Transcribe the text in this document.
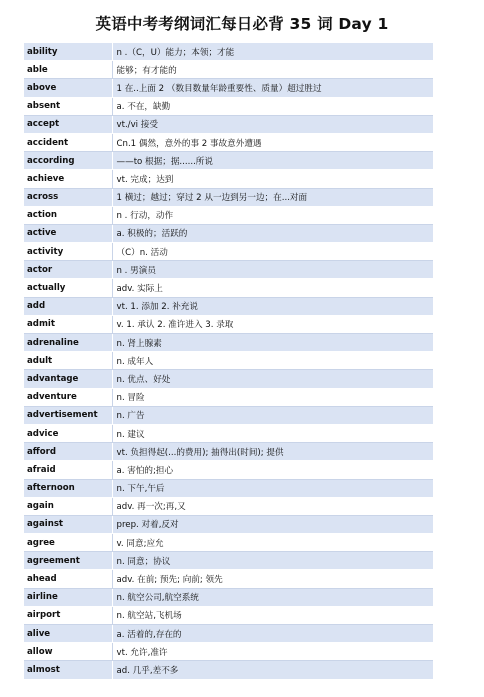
英语中考考纲词汇每日必背 35 词 Day 1
ability	n .（C，U）能力；本领；才能
able	能够；有才能的
above	1 在..上面 2 （数目数量年龄重要性、质量）超过胜过
absent	a. 不在，缺勤
accept	vt./vi 接受
accident	Cn.1 偶然，意外的事 2 事故意外遭遇
according	——to 根据；据......所说
achieve	vt. 完成；达到
across	1 横过；越过；穿过 2 从一边到另一边；在...对面
action	n . 行动，动作
active	a. 积极的；活跃的
activity	（C）n. 活动
actor	n . 男演员
actually	adv. 实际上
add	vt. 1. 添加 2. 补充说
admit	v. 1. 承认 2. 准许进入 3. 录取
adrenaline	n. 肾上腺素
adult	n. 成年人
advantage	n. 优点、好处
adventure	n. 冒险
advertisement	n. 广告
advice	n. 建议
afford	vt. 负担得起(...的费用); 抽得出(时间); 提供
afraid	a. 害怕的;担心
afternoon	n. 下午,午后
again	adv. 再一次;再,又
against	prep. 对着,反对
agree	v. 同意;应允
agreement	n. 同意；协议
ahead	adv. 在前; 预先; 向前; 领先
airline	n. 航空公司,航空系统
airport	n. 航空站,飞机场
alive	a. 活着的,存在的
allow	vt. 允许,准许
almost	ad. 几乎,差不多
